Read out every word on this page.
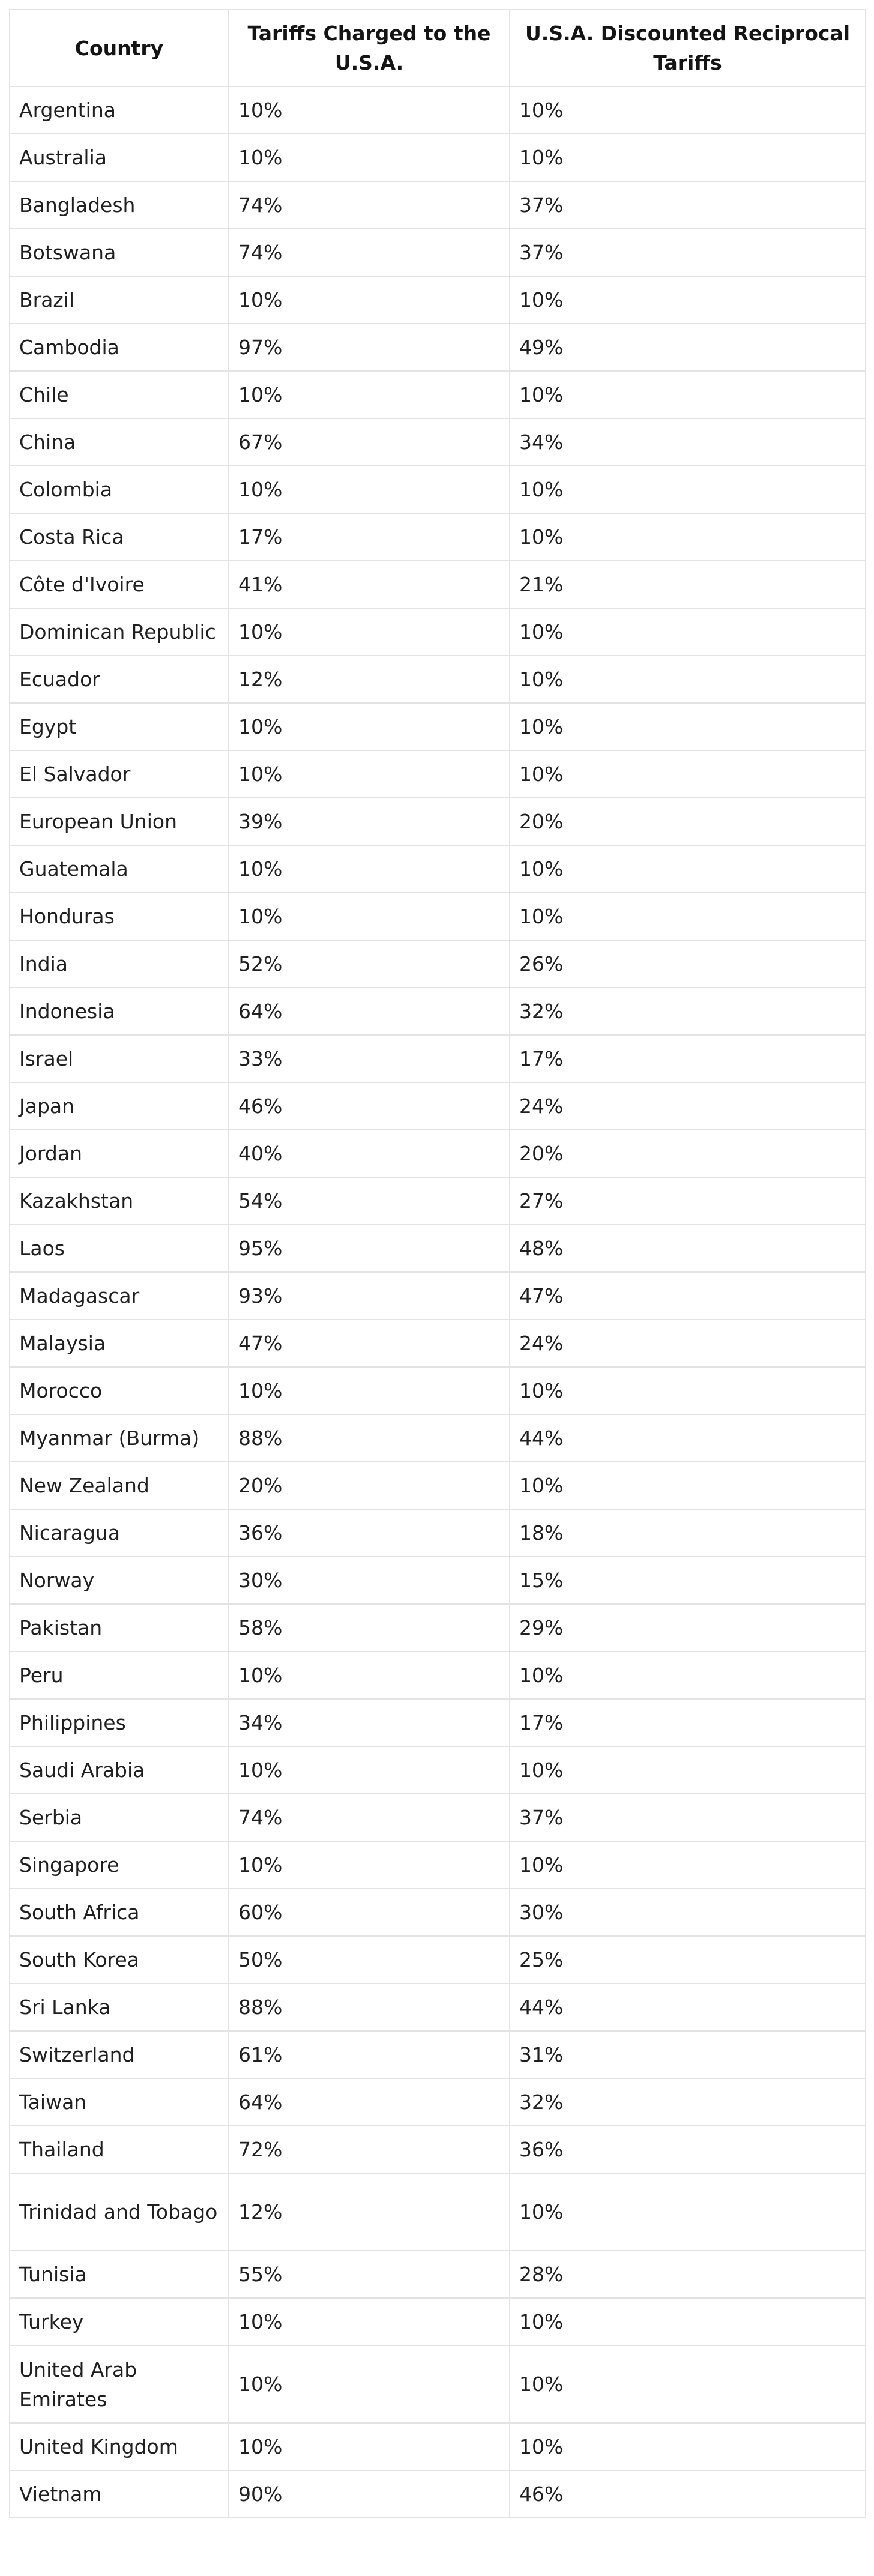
Country	Tariffs Charged to the U.S.A.	U.S.A. Discounted Reciprocal Tariffs
Argentina	10%	10%
Australia	10%	10%
Bangladesh	74%	37%
Botswana	74%	37%
Brazil	10%	10%
Cambodia	97%	49%
Chile	10%	10%
China	67%	34%
Colombia	10%	10%
Costa Rica	17%	10%
Côte d'Ivoire	41%	21%
Dominican Republic	10%	10%
Ecuador	12%	10%
Egypt	10%	10%
El Salvador	10%	10%
European Union	39%	20%
Guatemala	10%	10%
Honduras	10%	10%
India	52%	26%
Indonesia	64%	32%
Israel	33%	17%
Japan	46%	24%
Jordan	40%	20%
Kazakhstan	54%	27%
Laos	95%	48%
Madagascar	93%	47%
Malaysia	47%	24%
Morocco	10%	10%
Myanmar (Burma)	88%	44%
New Zealand	20%	10%
Nicaragua	36%	18%
Norway	30%	15%
Pakistan	58%	29%
Peru	10%	10%
Philippines	34%	17%
Saudi Arabia	10%	10%
Serbia	74%	37%
Singapore	10%	10%
South Africa	60%	30%
South Korea	50%	25%
Sri Lanka	88%	44%
Switzerland	61%	31%
Taiwan	64%	32%
Thailand	72%	36%
Trinidad and Tobago	12%	10%
Tunisia	55%	28%
Turkey	10%	10%
United Arab Emirates	10%	10%
United Kingdom	10%	10%
Vietnam	90%	46%
